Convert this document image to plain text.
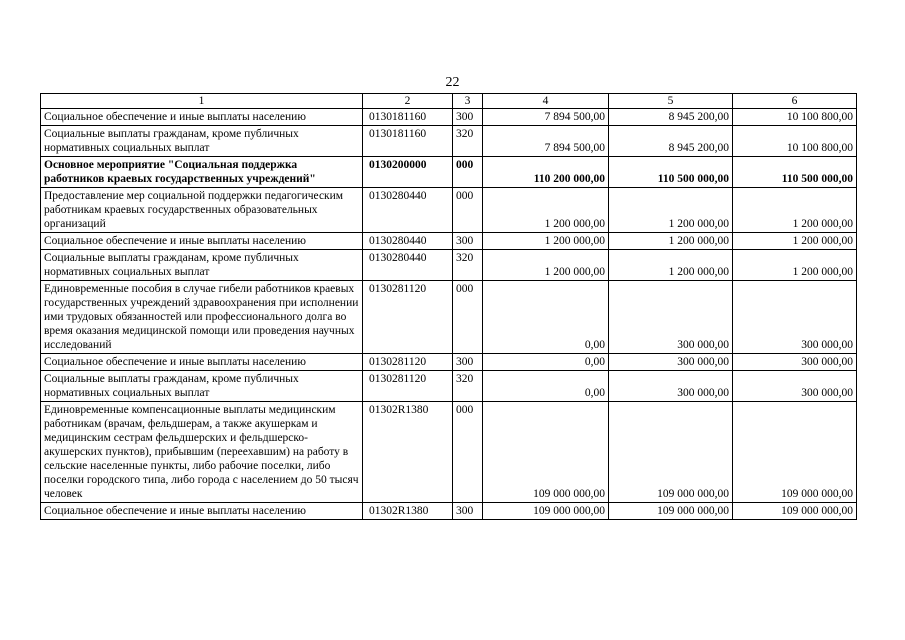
22
1	2	3	4	5	6
Социальное обеспечение и иные выплаты населению	0130181160	300	7 894 500,00	8 945 200,00	10 100 800,00
Социальные выплаты гражданам, кроме публичных нормативных социальных выплат	0130181160	320	7 894 500,00	8 945 200,00	10 100 800,00
Основное мероприятие "Социальная поддержка работников краевых государственных учреждений"	0130200000	000	110 200 000,00	110 500 000,00	110 500 000,00
Предоставление мер социальной поддержки педагогическим работникам краевых государственных образовательных организаций	0130280440	000	1 200 000,00	1 200 000,00	1 200 000,00
Социальное обеспечение и иные выплаты населению	0130280440	300	1 200 000,00	1 200 000,00	1 200 000,00
Социальные выплаты гражданам, кроме публичных нормативных социальных выплат	0130280440	320	1 200 000,00	1 200 000,00	1 200 000,00
Единовременные пособия в случае гибели работников краевых государственных учреждений здравоохранения при исполнении ими трудовых обязанностей или профессионального долга во время оказания медицинской помощи или проведения научных исследований	0130281120	000	0,00	300 000,00	300 000,00
Социальное обеспечение и иные выплаты населению	0130281120	300	0,00	300 000,00	300 000,00
Социальные выплаты гражданам, кроме публичных нормативных социальных выплат	0130281120	320	0,00	300 000,00	300 000,00
Единовременные компенсационные выплаты медицинским работникам (врачам, фельдшерам, а также акушеркам и медицинским сестрам фельдшерских и фельдшерско-акушерских пунктов), прибывшим (переехавшим) на работу в сельские населенные пункты, либо рабочие поселки, либо поселки городского типа, либо города с населением до 50 тысяч человек	01302R1380	000	109 000 000,00	109 000 000,00	109 000 000,00
Социальное обеспечение и иные выплаты населению	01302R1380	300	109 000 000,00	109 000 000,00	109 000 000,00
